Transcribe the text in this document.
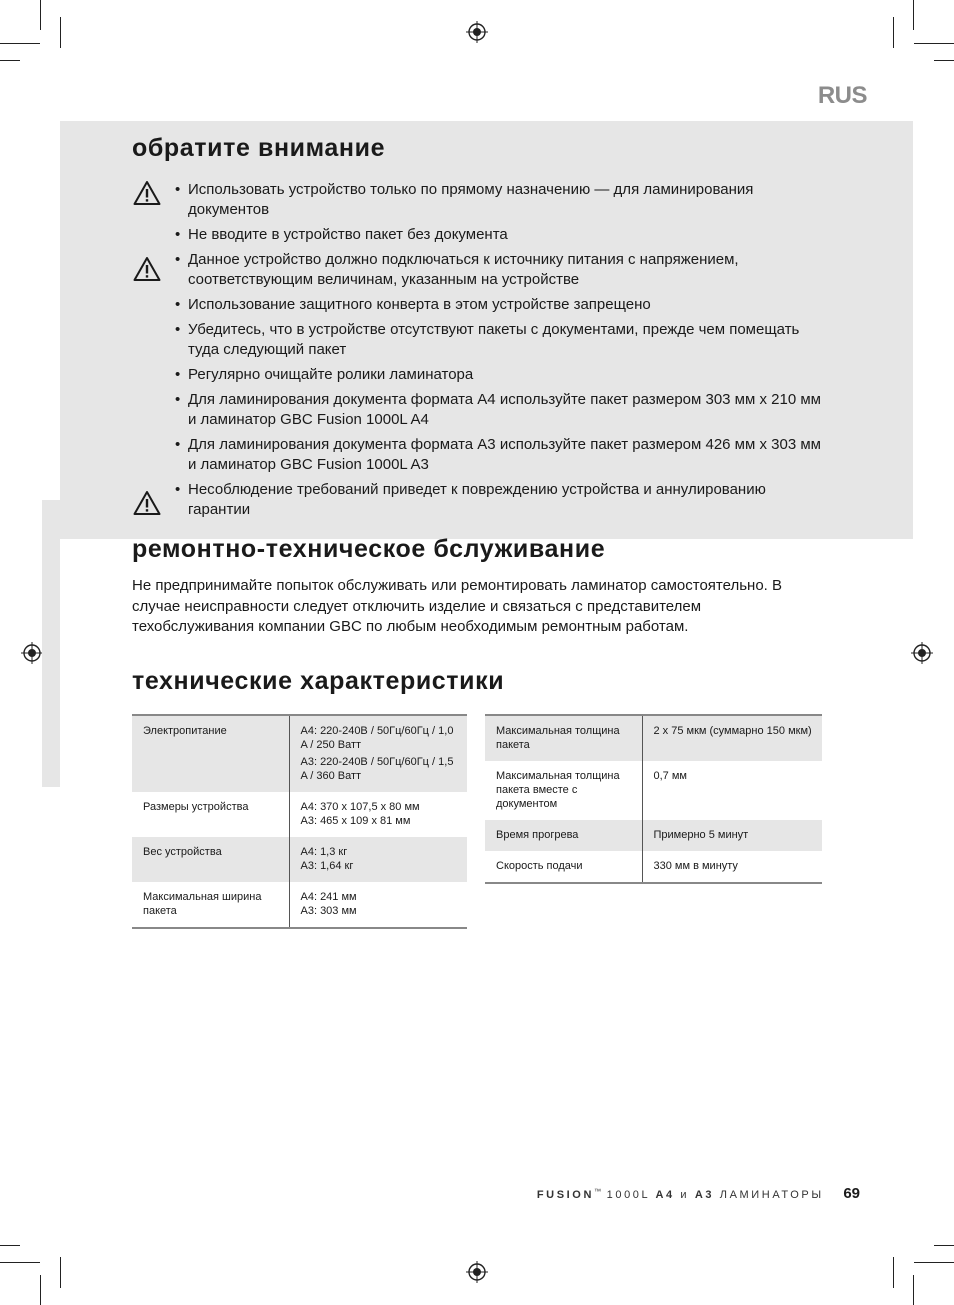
RUS
обратите внимание
• Использовать устройство только по прямому назначению — для ламинирования документов
• Не вводите в устройство пакет без документа
• Данное устройство должно подключаться к источнику питания с напряжением, соответствующим величинам, указанным на устройстве
• Использование защитного конверта в этом устройстве запрещено
• Убедитесь, что в устройстве отсутствуют пакеты с документами, прежде чем помещать туда следующий пакет
• Регулярно очищайте ролики ламинатора
• Для ламинирования документа формата A4 используйте пакет размером 303 мм x 210 мм и ламинатор GBC Fusion 1000L A4
• Для ламинирования документа формата A3 используйте пакет размером 426 мм x 303 мм и ламинатор GBC Fusion 1000L A3
• Несоблюдение требований приведет к повреждению устройства и аннулированию гарантии
ремонтно-техническое бслуживание

Не предпринимайте попыток обслуживать или ремонтировать ламинатор самостоятельно. В случае неисправности следует отключить изделие и связаться с представителем техобслуживания компании GBC по любым необходимым ремонтным работам.

технические характеристики
Электропитание	A4: 220-240B / 50Гц/60Гц / 1,0 A / 250 Ватт
A3: 220-240B / 50Гц/60Гц / 1,5 A / 360 Ватт

Размеры устройства	A4: 370 x 107,5 x 80 мм
A3: 465 x 109 x 81 мм

Вес устройства	A4: 1,3 кг
A3: 1,64 кг

Максимальная ширина пакета	A4: 241 мм
A3: 303 мм
Максимальная толщина пакета	2 x 75 мкм (суммарно 150 мкм)

Максимальная толщина пакета вместе с документом	0,7 мм

Время прогрева	Примерно 5 минут

Скорость подачи	330 мм в минуту
FUSION™ 1000L A4 и A3 ЛАМИНАТОРЫ 69
